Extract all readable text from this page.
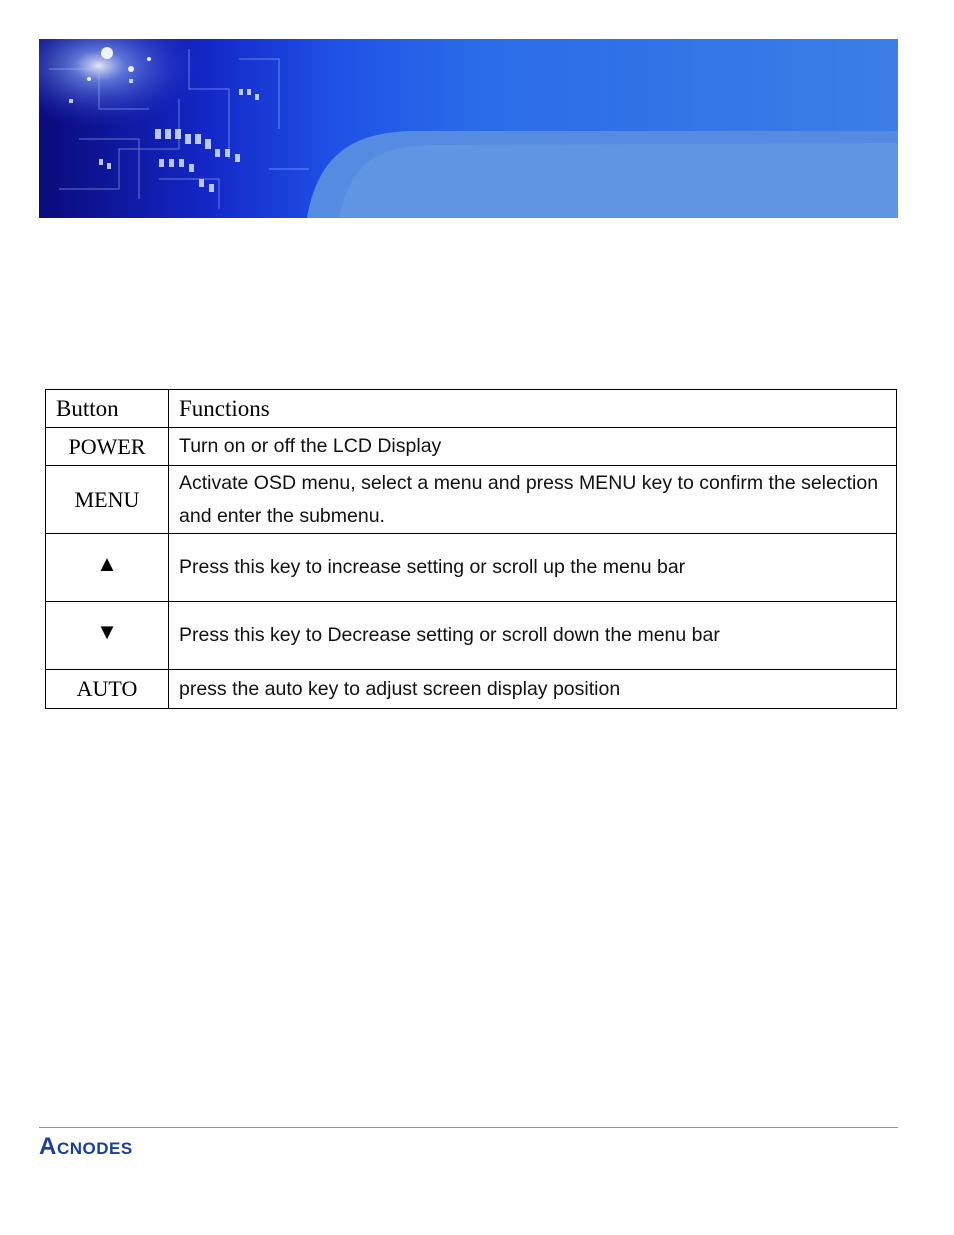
Button	Functions
POWER	Turn on or off the LCD Display
MENU	Activate OSD menu, select a menu and press MENU key to confirm the selection and enter the submenu.

▲	Press this key to increase setting or scroll up the menu bar

▼	Press this key to Decrease setting or scroll down the menu bar
AUTO	press the auto key to adjust screen display position
A CNODES
